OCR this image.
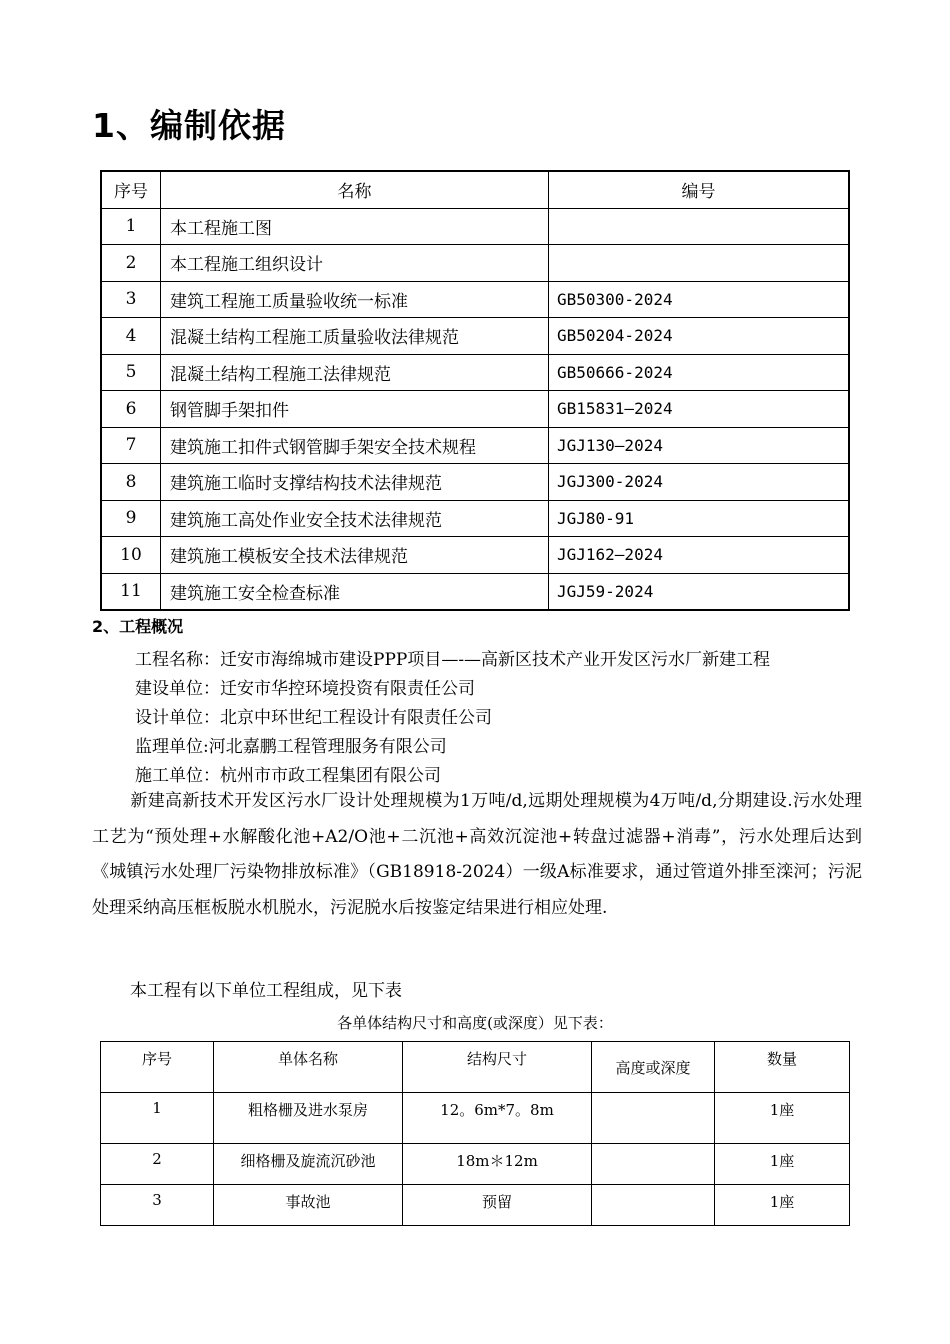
1、编制依据
序号	名称	编号
1	本工程施工图	
2	本工程施工组织设计	
3	建筑工程施工质量验收统一标准	GB50300-2024
4	混凝土结构工程施工质量验收法律规范	GB50204-2024
5	混凝土结构工程施工法律规范	GB50666-2024
6	钢管脚手架扣件	GB15831—2024
7	建筑施工扣件式钢管脚手架安全技术规程	JGJ130—2024
8	建筑施工临时支撑结构技术法律规范	JGJ300-2024
9	建筑施工高处作业安全技术法律规范	JGJ80-91
10	建筑施工模板安全技术法律规范	JGJ162—2024
11	建筑施工安全检查标准	JGJ59-2024
2、工程概况
工程名称：迁安市海绵城市建设PPP项目—-—高新区技术产业开发区污水厂新建工程
建设单位：迁安市华控环境投资有限责任公司
设计单位：北京中环世纪工程设计有限责任公司
监理单位:河北嘉鹏工程管理服务有限公司
施工单位：杭州市市政工程集团有限公司
新建高新技术开发区污水厂设计处理规模为1万吨/d,远期处理规模为4万吨/d,分期建设.污水处理工艺为“预处理+水解酸化池+A2/O池+二沉池+高效沉淀池+转盘过滤器+消毒”，污水处理后达到《城镇污水处理厂污染物排放标准》（GB18918-2024）一级A标准要求，通过管道外排至滦河；污泥处理采纳高压框板脱水机脱水，污泥脱水后按鉴定结果进行相应处理.
本工程有以下单位工程组成，见下表
各单体结构尺寸和高度(或深度）见下表：
序号	单体名称	结构尺寸	高度或深度	数量
1	粗格栅及进水泵房	12。6m*7。8m		1座
2	细格栅及旋流沉砂池	18m＊12m		1座
3	事故池	预留		1座
